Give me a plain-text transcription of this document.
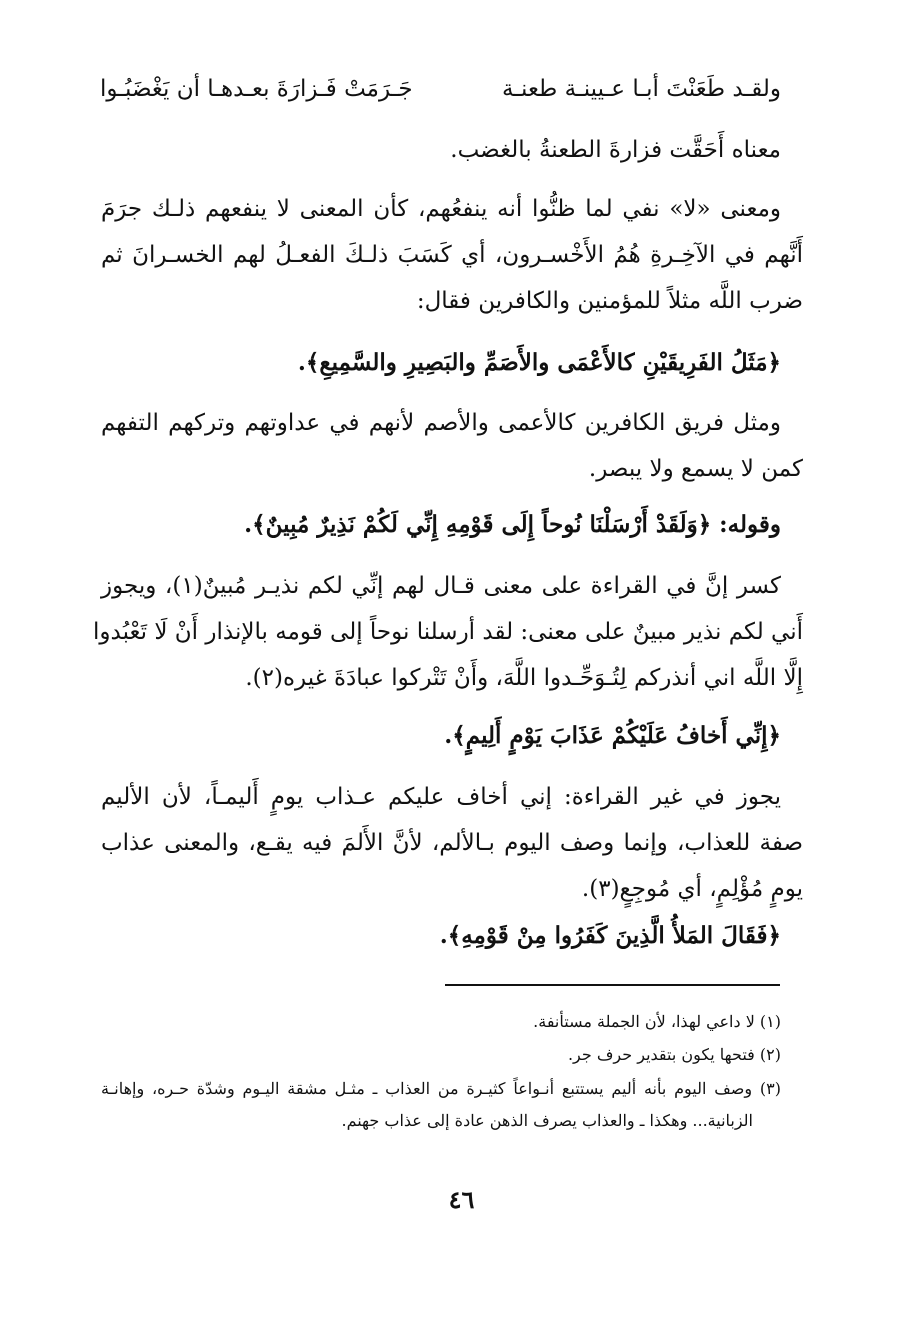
ولقـد طَعَنْتَ أبـا عـيينـة طعنـة
جَـرَمَتْ فَـزارَةَ بعـدهـا أن يَغْضَبُـوا
معناه أَحَقَّت فزارةَ الطعنةُ بالغضب.
ومعنى «لا» نفي لما ظنُّوا أنه ينفعُهم، كأن المعنى لا ينفعهم ذلـك جرَمَ
أَنَّهم في الآخِـرةِ هُمُ الأَخْسـرون، أي كَسَبَ ذلـكَ الفعـلُ لهم الخسـرانَ ثم
ضرب اللَّه مثلاً للمؤمنين والكافرين فقال:
﴿مَثَلُ الفَرِيقَيْنِ كالأَعْمَى والأَصَمِّ والبَصِيرِ والسَّمِيعِ﴾.
ومثل فريق الكافرين كالأعمى والأصم لأنهم في عداوتهم وتركهم التفهم
كمن لا يسمع ولا يبصر.
وقوله: ﴿وَلَقَدْ أَرْسَلْنَا نُوحاً إِلَى قَوْمِهِ إِنِّي لَكُمْ نَذِيرٌ مُبِينٌ﴾.
كسر إنَّ في القراءة على معنى قـال لهم إنِّي لكم نذيـر مُبينٌ(١)، ويجوز
أَني لكم نذير مبينٌ على معنى: لقد أرسلنا نوحاً إلى قومه بالإنذار أَنْ لَا تَعْبُدوا
إِلَّا اللَّه اني أنذركم لِتُـوَحِّـدوا اللَّهَ، وأَنْ تَتْركوا عبادَةَ غيره(٢).
﴿إِنِّي أَخافُ عَلَيْكُمْ عَذَابَ يَوْمٍ أَلِيمٍ﴾.
يجوز في غير القراءة: إني أخاف عليكم عـذاب يومٍ أَليمـاً، لأن الأليم
صفة للعذاب، وإنما وصف اليوم بـالألم، لأنَّ الأَلمَ فيه يقـع، والمعنى عذاب
يومٍ مُؤْلِمٍ، أي مُوجِعٍ(٣).
﴿فَقَالَ المَلأُ الَّذِينَ كَفَرُوا مِنْ قَوْمِهِ﴾.
(١) لا داعي لهذا، لأن الجملة مستأنفة.
(٢) فتحها يكون بتقدير حرف جر.
(٣) وصف اليوم بأنه أليم يستتبع أنـواعاً كثيـرة من العذاب ـ مثـل مشقة اليـوم وشدّة حـره، وإهانـة
الزبانية... وهكذا ـ والعذاب يصرف الذهن عادة إلى عذاب جهنم.
٤٦
